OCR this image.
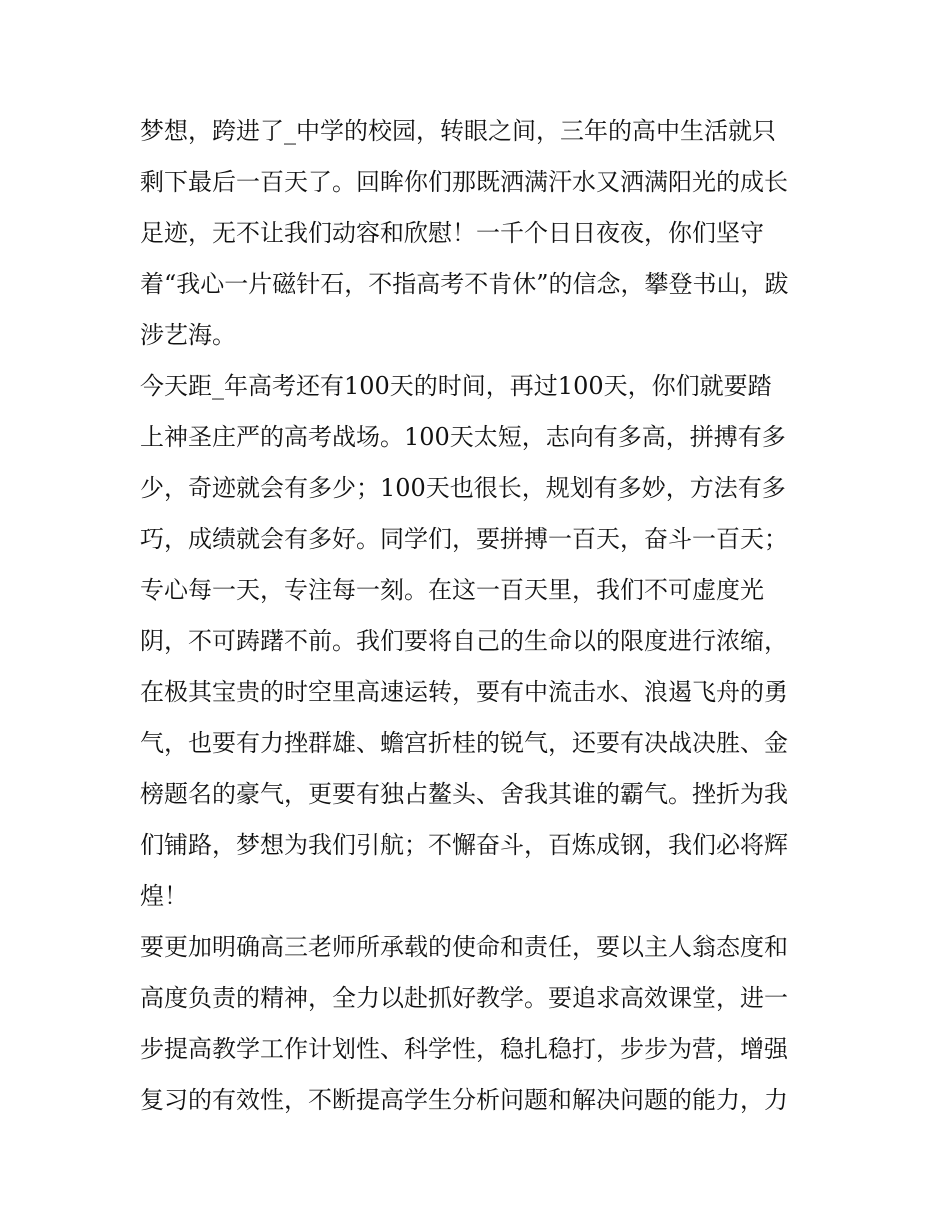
梦想，跨进了_中学的校园，转眼之间，三年的高中生活就只
剩下最后一百天了。回眸你们那既洒满汗水又洒满阳光的成长
足迹，无不让我们动容和欣慰！一千个日日夜夜，你们坚守
着“我心一片磁针石，不指高考不肯休”的信念，攀登书山，跋
涉艺海。
今天距_年高考还有100天的时间，再过100天，你们就要踏
上神圣庄严的高考战场。100天太短，志向有多高，拼搏有多
少，奇迹就会有多少；100天也很长，规划有多妙，方法有多
巧，成绩就会有多好。同学们，要拼搏一百天，奋斗一百天；
专心每一天，专注每一刻。在这一百天里，我们不可虚度光
阴，不可踌躇不前。我们要将自己的生命以的限度进行浓缩，
在极其宝贵的时空里高速运转，要有中流击水、浪遏飞舟的勇
气，也要有力挫群雄、蟾宫折桂的锐气，还要有决战决胜、金
榜题名的豪气，更要有独占鳌头、舍我其谁的霸气。挫折为我
们铺路，梦想为我们引航；不懈奋斗，百炼成钢，我们必将辉
煌！
要更加明确高三老师所承载的使命和责任，要以主人翁态度和
高度负责的精神，全力以赴抓好教学。要追求高效课堂，进一
步提高教学工作计划性、科学性，稳扎稳打，步步为营，增强
复习的有效性，不断提高学生分析问题和解决问题的能力，力
